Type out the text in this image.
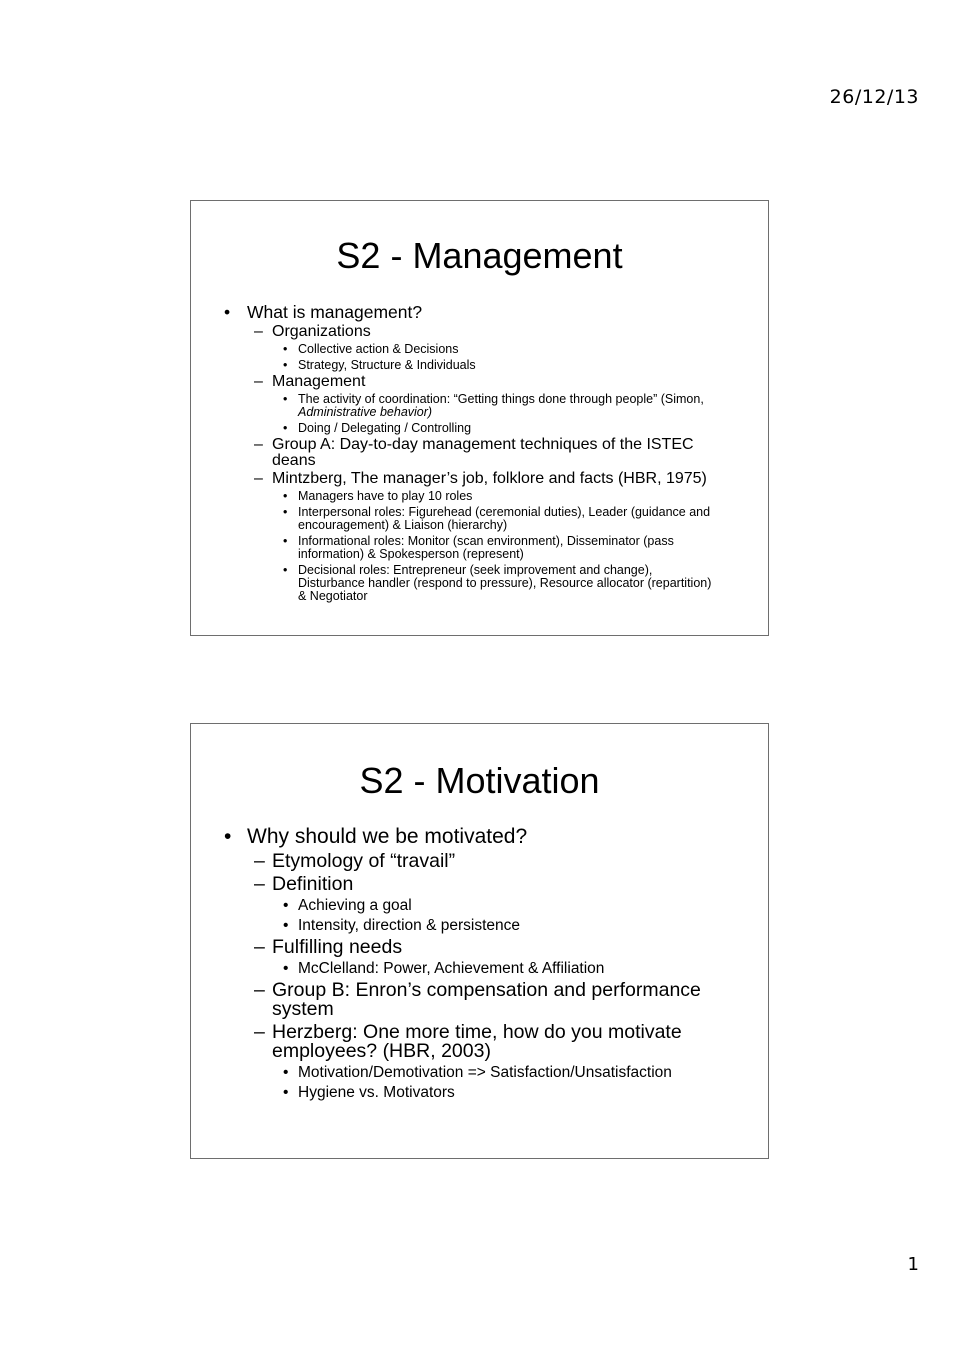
26/12/13
S2 - Management
• What is management?
– Organizations
• Collective action & Decisions
• Strategy, Structure & Individuals
– Management
• The activity of coordination: “Getting things done through people” (Simon, Administrative behavior)
• Doing / Delegating / Controlling
– Group A: Day-to-day management techniques of the ISTEC deans
– Mintzberg, The manager’s job, folklore and facts (HBR, 1975)
• Managers have to play 10 roles
• Interpersonal roles: Figurehead (ceremonial duties), Leader (guidance and encouragement) & Liaison (hierarchy)
• Informational roles: Monitor (scan environment), Disseminator (pass information) & Spokesperson (represent)
• Decisional roles: Entrepreneur (seek improvement and change), Disturbance handler (respond to pressure), Resource allocator (repartition) & Negotiator
S2 - Motivation
• Why should we be motivated?
– Etymology of “travail”
– Definition
• Achieving a goal
• Intensity, direction & persistence
– Fulfilling needs
• McClelland: Power, Achievement & Affiliation
– Group B: Enron’s compensation and performance system
– Herzberg: One more time, how do you motivate employees? (HBR, 2003)
• Motivation/Demotivation => Satisfaction/Unsatisfaction
• Hygiene vs. Motivators
1
